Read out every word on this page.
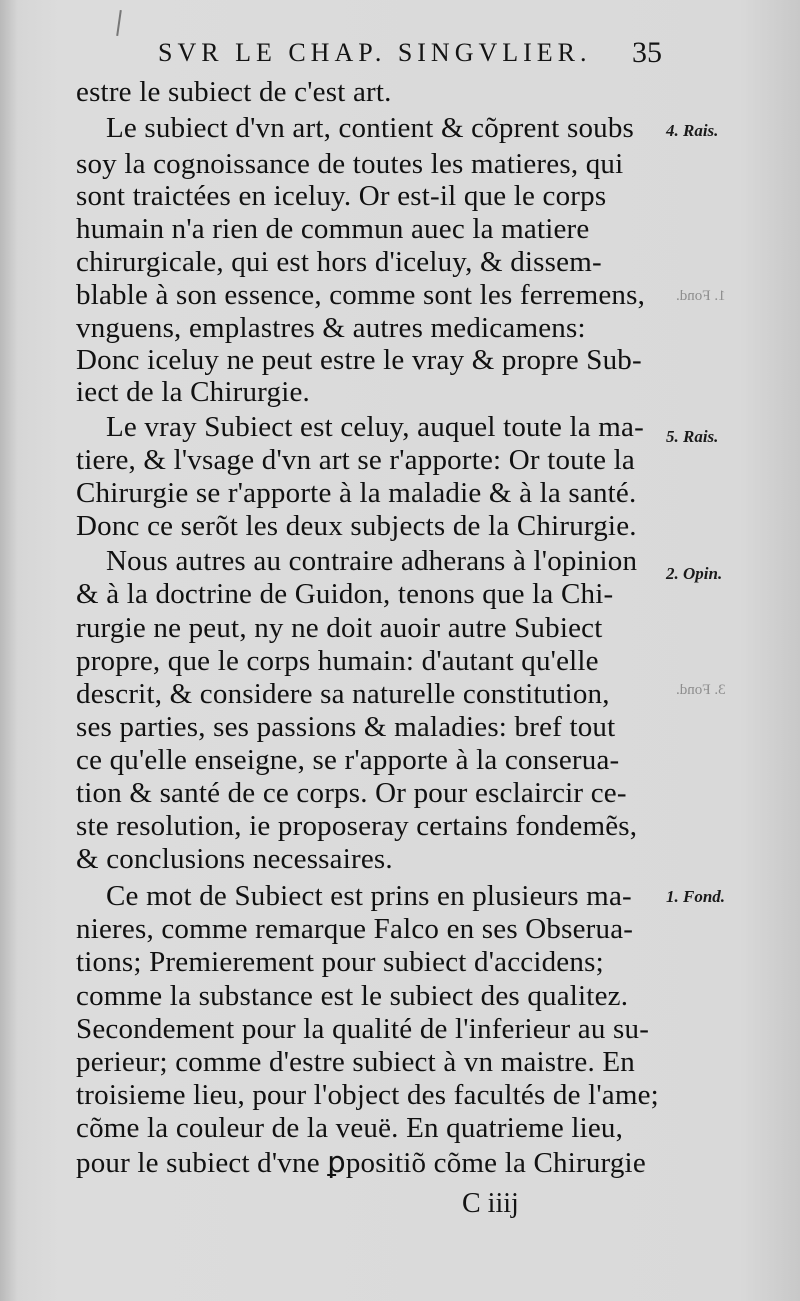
SVR LE CHAP. SINGVLIER.	35
estre le subiect de c'est art.
Le subiect d'vn art, contient & cõprent soubs
soy la cognoissance de toutes les matieres, qui
sont traictées en iceluy. Or est-il que le corps
humain n'a rien de commun auec la matiere
chirurgicale, qui est hors d'iceluy, & dissem-
blable à son essence, comme sont les ferremens,
vnguens, emplastres & autres medicamens:
Donc iceluy ne peut estre le vray & propre Sub-
iect de la Chirurgie.
Le vray Subiect est celuy, auquel toute la ma-
tiere, & l'vsage d'vn art se r'apporte: Or toute la
Chirurgie se r'apporte à la maladie & à la santé.
Donc ce serõt les deux subjects de la Chirurgie.
Nous autres au contraire adherans à l'opinion
& à la doctrine de Guidon, tenons que la Chi-
rurgie ne peut, ny ne doit auoir autre Subiect
propre, que le corps humain: d'autant qu'elle
descrit, & considere sa naturelle constitution,
ses parties, ses passions & maladies: bref tout
ce qu'elle enseigne, se r'apporte à la conserua-
tion & santé de ce corps. Or pour esclaircir ce-
ste resolution, ie proposeray certains fondemẽs,
& conclusions necessaires.
Ce mot de Subiect est prins en plusieurs ma-
nieres, comme remarque Falco en ses Obserua-
tions; Premierement pour subiect d'accidens;
comme la substance est le subiect des qualitez.
Secondement pour la qualité de l'inferieur au su-
perieur; comme d'estre subiect à vn maistre. En
troisieme lieu, pour l'object des facultés de l'ame;
cõme la couleur de la veuë. En quatrieme lieu,
pour le subiect d'vne ꝑpositiõ cõme la Chirurgie
4. Rais.
5. Rais.
2. Opin.
1. Fond.
1. Fond.
3. Fond.
C iiij
